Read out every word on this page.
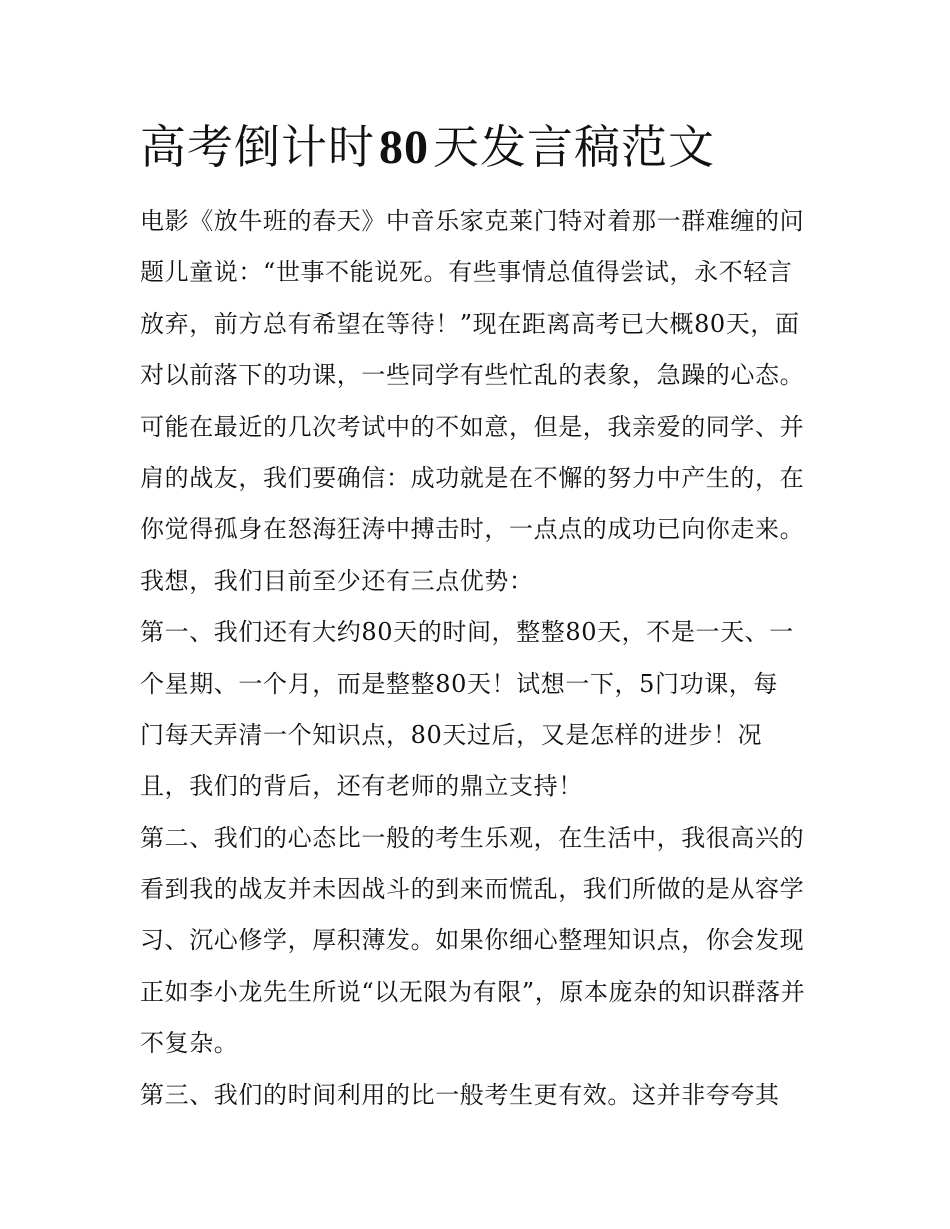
高考倒计时80天发言稿范文
电影《放牛班的春天》中音乐家克莱门特对着那一群难缠的问
题儿童说：“世事不能说死。有些事情总值得尝试，永不轻言
放弃，前方总有希望在等待！”现在距离高考已大概80天，面
对以前落下的功课，一些同学有些忙乱的表象，急躁的心态。
可能在最近的几次考试中的不如意，但是，我亲爱的同学、并
肩的战友，我们要确信：成功就是在不懈的努力中产生的，在
你觉得孤身在怒海狂涛中搏击时，一点点的成功已向你走来。
我想，我们目前至少还有三点优势：
第一、我们还有大约80天的时间，整整80天，不是一天、一
个星期、一个月，而是整整80天！试想一下，5门功课，每
门每天弄清一个知识点，80天过后，又是怎样的进步！况
且，我们的背后，还有老师的鼎立支持！
第二、我们的心态比一般的考生乐观，在生活中，我很高兴的
看到我的战友并未因战斗的到来而慌乱，我们所做的是从容学
习、沉心修学，厚积薄发。如果你细心整理知识点，你会发现
正如李小龙先生所说“以无限为有限”，原本庞杂的知识群落并
不复杂。
第三、我们的时间利用的比一般考生更有效。这并非夸夸其
